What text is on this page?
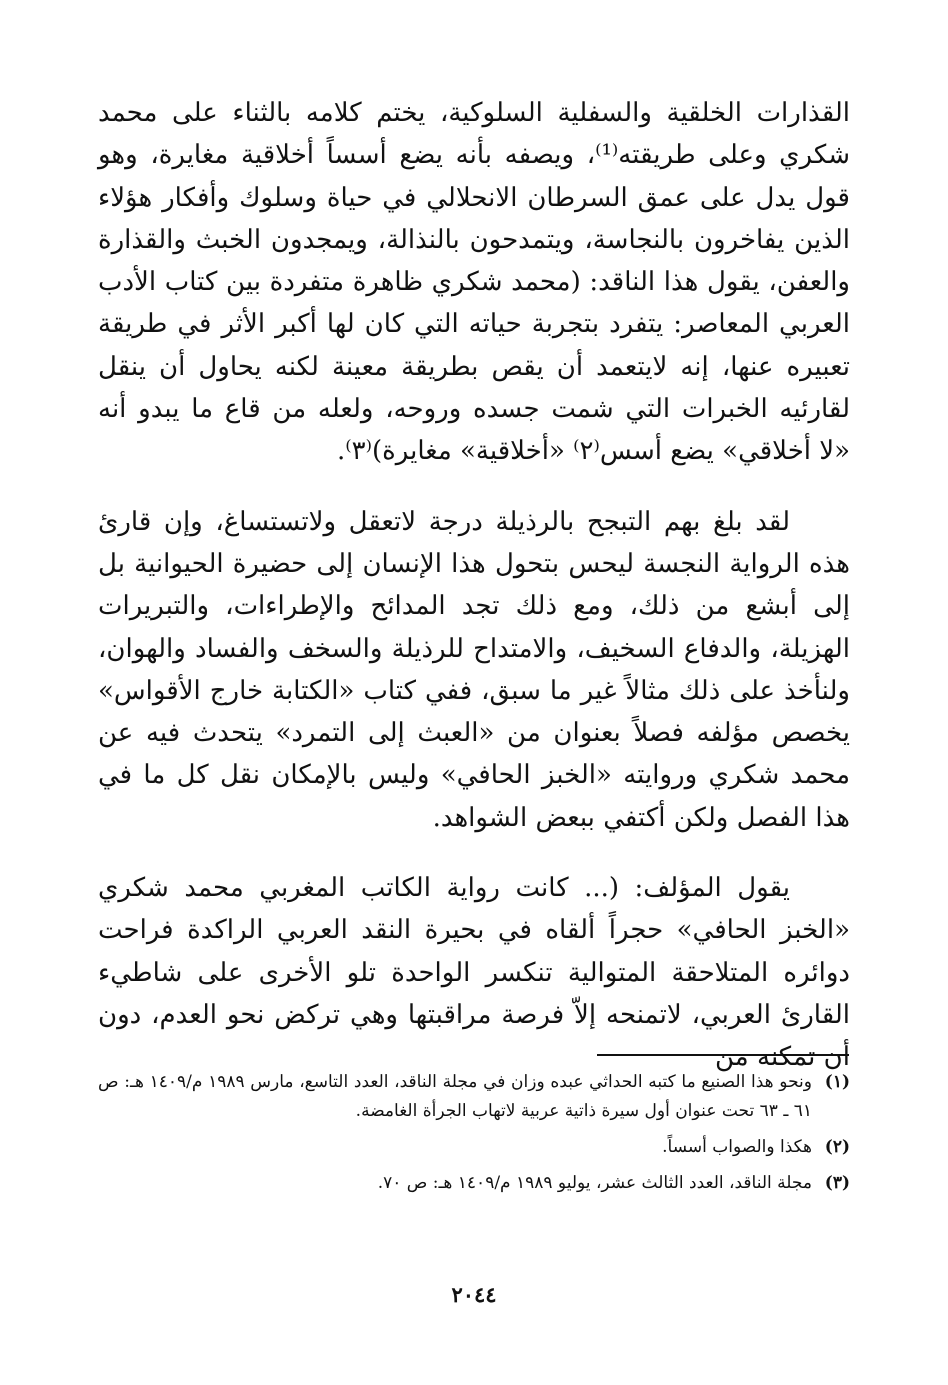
القذارات الخلقية والسفلية السلوكية، يختم كلامه بالثناء على محمد شكري وعلى طريقته⁽¹⁾، ويصفه بأنه يضع أسساً أخلاقية مغايرة، وهو قول يدل على عمق السرطان الانحلالي في حياة وسلوك وأفكار هؤلاء الذين يفاخرون بالنجاسة، ويتمدحون بالنذالة، ويمجدون الخبث والقذارة والعفن، يقول هذا الناقد: (محمد شكري ظاهرة متفردة بين كتاب الأدب العربي المعاصر: يتفرد بتجربة حياته التي كان لها أكبر الأثر في طريقة تعبيره عنها، إنه لايتعمد أن يقص بطريقة معينة لكنه يحاول أن ينقل لقارئيه الخبرات التي شمت جسده وروحه، ولعله من قاع ما يبدو أنه «لا أخلاقي» يضع أسس⁽٢⁾ «أخلاقية» مغايرة)⁽٣⁾.

لقد بلغ بهم التبجح بالرذيلة درجة لاتعقل ولاتستساغ، وإن قارئ هذه الرواية النجسة ليحس بتحول هذا الإنسان إلى حضيرة الحيوانية بل إلى أبشع من ذلك، ومع ذلك تجد المدائح والإطراءات، والتبريرات الهزيلة، والدفاع السخيف، والامتداح للرذيلة والسخف والفساد والهوان، ولنأخذ على ذلك مثالاً غير ما سبق، ففي كتاب «الكتابة خارج الأقواس» يخصص مؤلفه فصلاً بعنوان من «العبث إلى التمرد» يتحدث فيه عن محمد شكري وروايته «الخبز الحافي» وليس بالإمكان نقل كل ما في هذا الفصل ولكن أكتفي ببعض الشواهد.

يقول المؤلف: (... كانت رواية الكاتب المغربي محمد شكري «الخبز الحافي» حجراً ألقاه في بحيرة النقد العربي الراكدة فراحت دوائره المتلاحقة المتوالية تنكسر الواحدة تلو الأخرى على شاطيء القارئ العربي، لاتمنحه إلاّ فرصة مراقبتها وهي تركض نحو العدم، دون أن تمكنه من

(١)
ونحو هذا الصنيع ما كتبه الحداثي عبده وزان في مجلة الناقد، العدد التاسع، مارس ١٩٨٩ م/١٤٠٩ هـ: ص ٦١ ـ ٦٣ تحت عنوان أول سيرة ذاتية عربية لاتهاب الجرأة الغامضة.
(٢)
هكذا والصواب أسساً.
(٣)
مجلة الناقد، العدد الثالث عشر، يوليو ١٩٨٩ م/١٤٠٩ هـ: ص ٧٠.
٢٠٤٤
